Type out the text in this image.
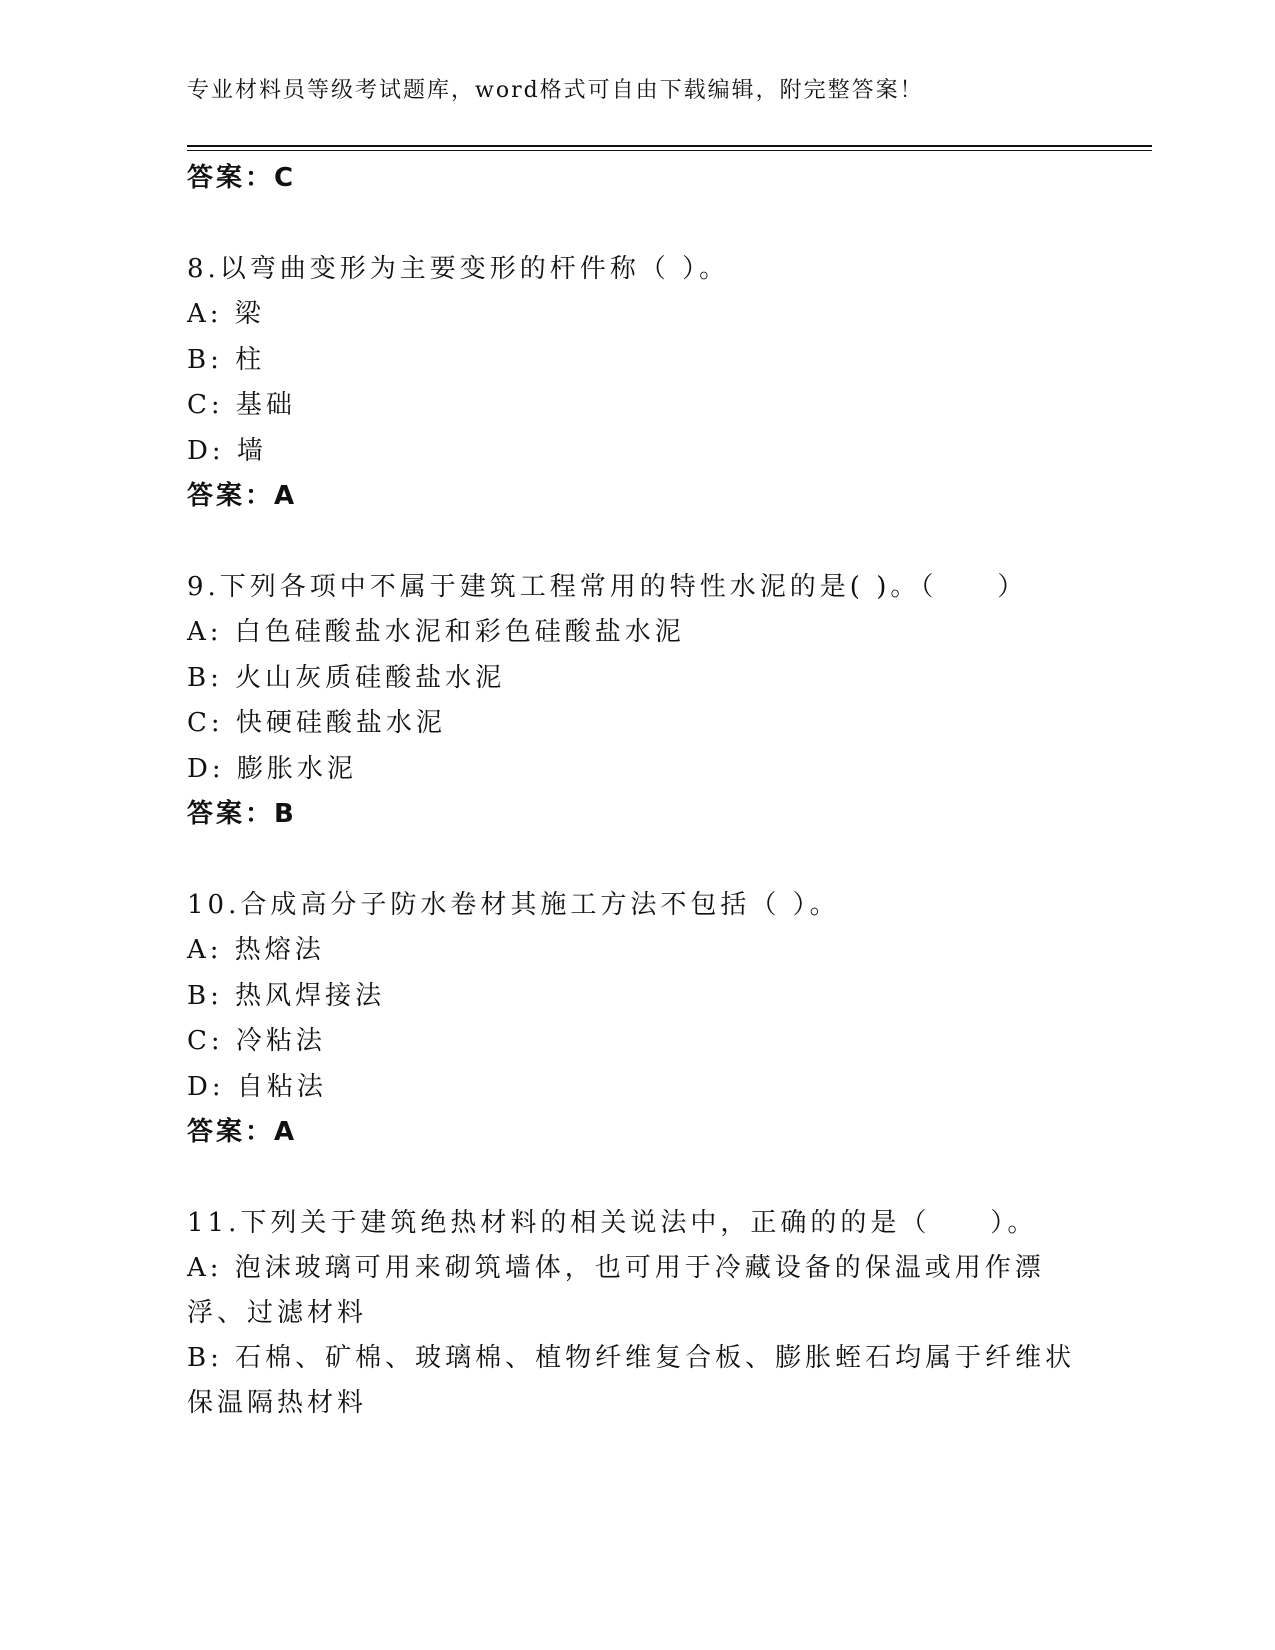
专业材料员等级考试题库，word格式可自由下载编辑，附完整答案！
答案：C
8.以弯曲变形为主要变形的杆件称（ ）。
A: 梁
B: 柱
C: 基础
D: 墙
答案：A
9.下列各项中不属于建筑工程常用的特性水泥的是( )。（　　）
A: 白色硅酸盐水泥和彩色硅酸盐水泥
B: 火山灰质硅酸盐水泥
C: 快硬硅酸盐水泥
D: 膨胀水泥
答案：B
10.合成高分子防水卷材其施工方法不包括（ ）。
A: 热熔法
B: 热风焊接法
C: 冷粘法
D: 自粘法
答案：A
11.下列关于建筑绝热材料的相关说法中，正确的的是（　　）。
A: 泡沫玻璃可用来砌筑墙体，也可用于冷藏设备的保温或用作漂浮、过滤材料
B: 石棉、矿棉、玻璃棉、植物纤维复合板、膨胀蛭石均属于纤维状保温隔热材料
